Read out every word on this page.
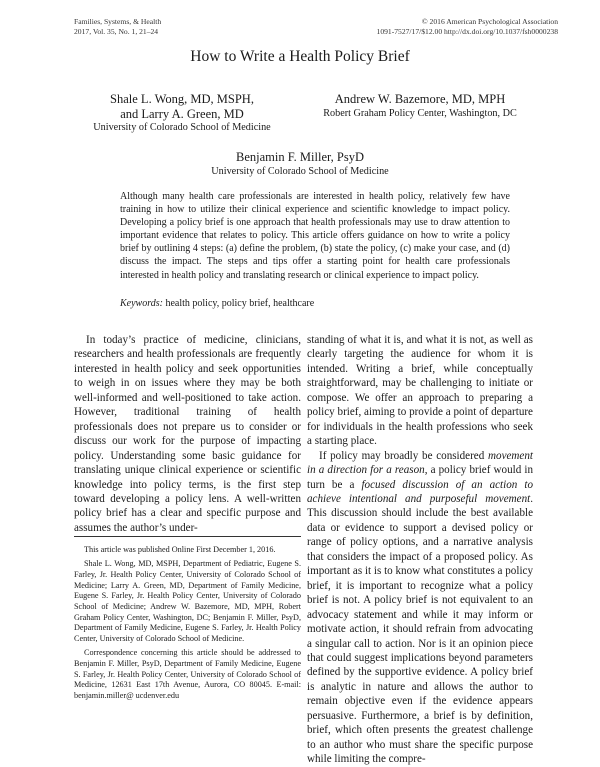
Families, Systems, & Health
2017, Vol. 35, No. 1, 21–24
© 2016 American Psychological Association
1091-7527/17/$12.00 http://dx.doi.org/10.1037/fsh0000238
How to Write a Health Policy Brief
Shale L. Wong, MD, MSPH,
and Larry A. Green, MD
University of Colorado School of Medicine
Andrew W. Bazemore, MD, MPH
Robert Graham Policy Center, Washington, DC
Benjamin F. Miller, PsyD
University of Colorado School of Medicine
Although many health care professionals are interested in health policy, relatively few have training in how to utilize their clinical experience and scientific knowledge to impact policy. Developing a policy brief is one approach that health professionals may use to draw attention to important evidence that relates to policy. This article offers guidance on how to write a policy brief by outlining 4 steps: (a) define the problem, (b) state the policy, (c) make your case, and (d) discuss the impact. The steps and tips offer a starting point for health care professionals interested in health policy and translating research or clinical experience to impact policy.
Keywords: health policy, policy brief, healthcare

In today’s practice of medicine, clinicians, researchers and health professionals are frequently interested in health policy and seek opportunities to weigh in on issues where they may be both well-informed and well-positioned to take action. However, traditional training of health professionals does not prepare us to consider or discuss our work for the purpose of impacting policy. Understanding some basic guidance for translating unique clinical experience or scientific knowledge into policy terms, is the first step toward developing a policy lens. A well-written policy brief has a clear and specific purpose and assumes the author’s under-

This article was published Online First December 1, 2016.

Shale L. Wong, MD, MSPH, Department of Pediatric, Eugene S. Farley, Jr. Health Policy Center, University of Colorado School of Medicine; Larry A. Green, MD, Department of Family Medicine, Eugene S. Farley, Jr. Health Policy Center, University of Colorado School of Medicine; Andrew W. Bazemore, MD, MPH, Robert Graham Policy Center, Washington, DC; Benjamin F. Miller, PsyD, Department of Family Medicine, Eugene S. Farley, Jr. Health Policy Center, University of Colorado School of Medicine.

Correspondence concerning this article should be addressed to Benjamin F. Miller, PsyD, Department of Family Medicine, Eugene S. Farley, Jr. Health Policy Center, University of Colorado School of Medicine, 12631 East 17th Avenue, Aurora, CO 80045. E-mail: benjamin.miller@ ucdenver.edu

standing of what it is, and what it is not, as well as clearly targeting the audience for whom it is intended. Writing a brief, while conceptually straightforward, may be challenging to initiate or compose. We offer an approach to preparing a policy brief, aiming to provide a point of departure for individuals in the health professions who seek a starting place.

If policy may broadly be considered movement in a direction for a reason, a policy brief would in turn be a focused discussion of an action to achieve intentional and purposeful movement. This discussion should include the best available data or evidence to support a devised policy or range of policy options, and a narrative analysis that considers the impact of a proposed policy. As important as it is to know what constitutes a policy brief, it is important to recognize what a policy brief is not. A policy brief is not equivalent to an advocacy statement and while it may inform or motivate action, it should refrain from advocating a singular call to action. Nor is it an opinion piece that could suggest implications beyond parameters defined by the supportive evidence. A policy brief is analytic in nature and allows the author to remain objective even if the evidence appears persuasive. Furthermore, a brief is by definition, brief, which often presents the greatest challenge to an author who must share the specific purpose while limiting the compre-
